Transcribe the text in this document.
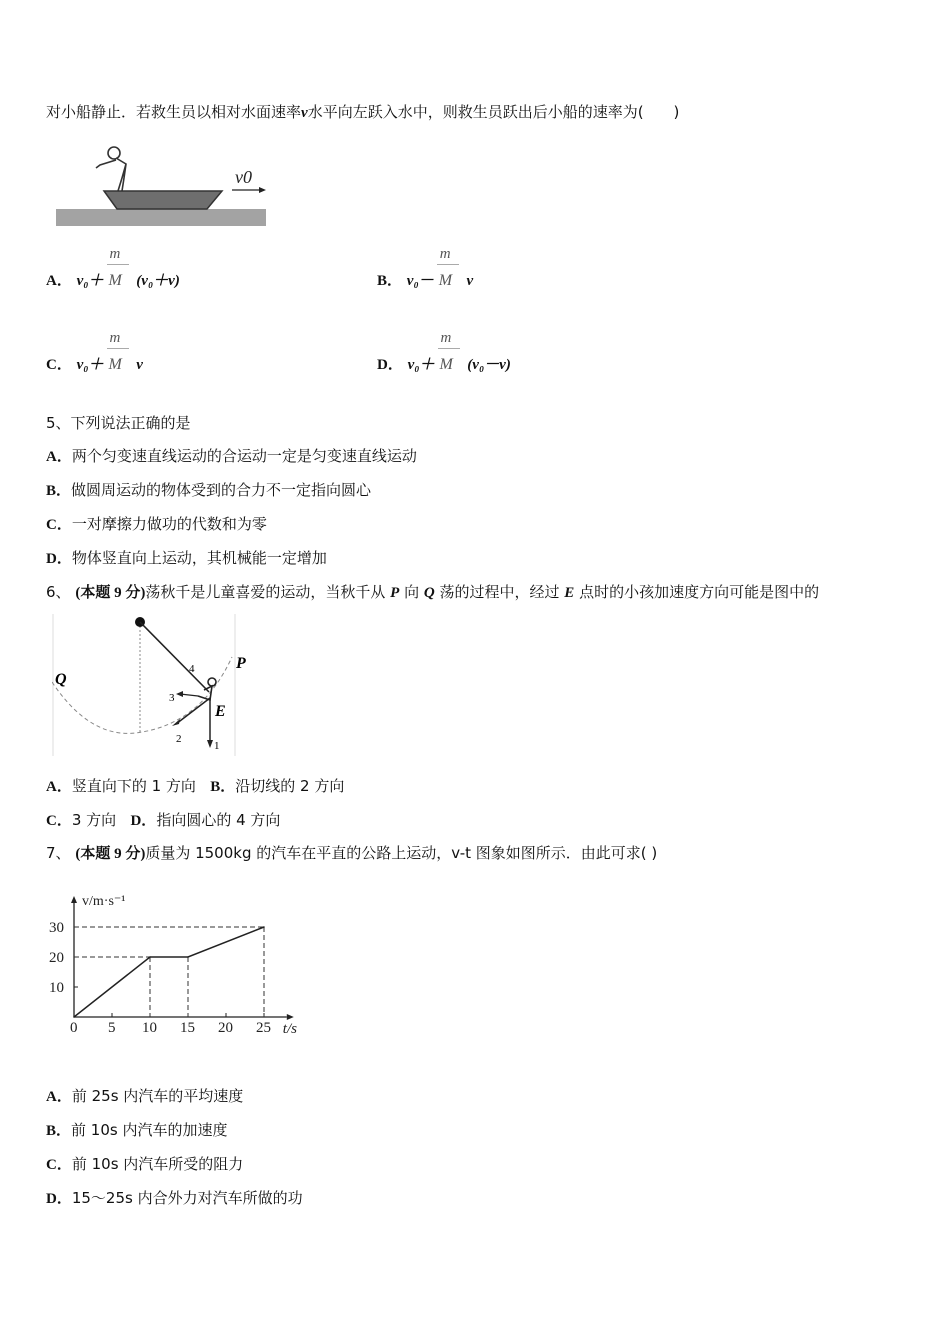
对小船静止．若救生员以相对水面速率v水平向左跃入水中，则救生员跃出后小船的速率为(　　)
v0
A． $v_0+ \frac{m}{M} (v_0+v)$	B． $v_0- \frac{m}{M}$ v
C． $v_0+ \frac{m}{M}$ v	D． $v_0+ \frac{m}{M} (v_0-v)$
5、下列说法正确的是
A．两个匀变速直线运动的合运动一定是匀变速直线运动
B．做圆周运动的物体受到的合力不一定指向圆心
C．一对摩擦力做功的代数和为零
D．物体竖直向上运动，其机械能一定增加
6、 (本题 9 分)荡秋千是儿童喜爱的运动，当秋千从 P 向 Q 荡的过程中，经过 E 点时的小孩加速度方向可能是图中的
Q
P
E
1
2
3
4
A．竖直向下的 1 方向 B．沿切线的 2 方向
C．3 方向 D．指向圆心的 4 方向
7、 (本题 9 分)质量为 1500kg 的汽车在平直的公路上运动，v-t 图象如图所示．由此可求( )
0 5 10 15 20 25
10
20
30
t/s
v/m·s⁻¹
A．前 25s 内汽车的平均速度
B．前 10s 内汽车的加速度
C．前 10s 内汽车所受的阻力
D．15～25s 内合外力对汽车所做的功
